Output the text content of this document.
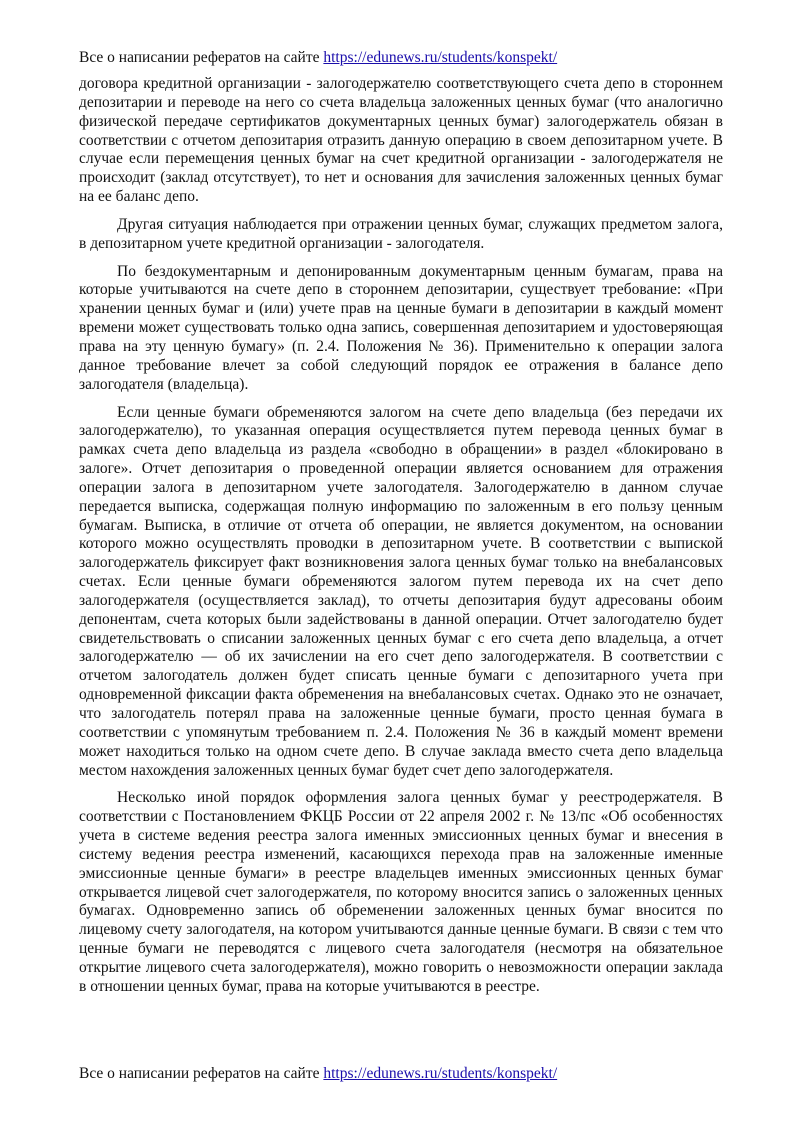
Все о написании рефератов на сайте https://edunews.ru/students/konspekt/

договора кредитной организации - залогодержателю соответствующего счета депо в стороннем депозитарии и переводе на него со счета владельца заложенных ценных бумаг (что аналогично физической передаче сертификатов документарных ценных бумаг) залогодержатель обязан в соответствии с отчетом депозитария отразить данную операцию в своем депозитарном учете. В случае если перемещения ценных бумаг на счет кредитной организации - залогодержателя не происходит (заклад отсутствует), то нет и основания для зачисления заложенных ценных бумаг на ее баланс депо.

Другая ситуация наблюдается при отражении ценных бумаг, служащих предметом залога, в депозитарном учете кредитной организации - залогодателя.

По бездокументарным и депонированным документарным ценным бумагам, права на которые учитываются на счете депо в стороннем депозитарии, существует требование: «При хранении ценных бумаг и (или) учете прав на ценные бумаги в депозитарии в каждый момент времени может существовать только одна запись, совершенная депозитарием и удостоверяющая права на эту ценную бумагу» (п. 2.4. Положения № 36). Применительно к операции залога данное требование влечет за собой следующий порядок ее отражения в балансе депо залогодателя (владельца).

Если ценные бумаги обременяются залогом на счете депо владельца (без передачи их залогодержателю), то указанная операция осуществляется путем перевода ценных бумаг в рамках счета депо владельца из раздела «свободно в обращении» в раздел «блокировано в залоге». Отчет депозитария о проведенной операции является основанием для отражения операции залога в депозитарном учете залогодателя. Залогодержателю в данном случае передается выписка, содержащая полную информацию по заложенным в его пользу ценным бумагам. Выписка, в отличие от отчета об операции, не является документом, на основании которого можно осуществлять проводки в депозитарном учете. В соответствии с выпиской залогодержатель фиксирует факт возникновения залога ценных бумаг только на внебалансовых счетах. Если ценные бумаги обременяются залогом путем перевода их на счет депо залогодержателя (осуществляется заклад), то отчеты депозитария будут адресованы обоим депонентам, счета которых были задействованы в данной операции. Отчет залогодателю будет свидетельствовать о списании заложенных ценных бумаг с его счета депо владельца, а отчет залогодержателю — об их зачислении на его счет депо залогодержателя. В соответствии с отчетом залогодатель должен будет списать ценные бумаги с депозитарного учета при одновременной фиксации факта обременения на внебалансовых счетах. Однако это не означает, что залогодатель потерял права на заложенные ценные бумаги, просто ценная бумага в соответствии с упомянутым требованием п. 2.4. Положения № 36 в каждый момент времени может находиться только на одном счете депо. В случае заклада вместо счета депо владельца местом нахождения заложенных ценных бумаг будет счет депо залогодержателя.

Несколько иной порядок оформления залога ценных бумаг у реестродержателя. В соответствии с Постановлением ФКЦБ России от 22 апреля 2002 г. № 13/пс «Об особенностях учета в системе ведения реестра залога именных эмиссионных ценных бумаг и внесения в систему ведения реестра изменений, касающихся перехода прав на заложенные именные эмиссионные ценные бумаги» в реестре владельцев именных эмиссионных ценных бумаг открывается лицевой счет залогодержателя, по которому вносится запись о заложенных ценных бумагах. Одновременно запись об обременении заложенных ценных бумаг вносится по лицевому счету залогодателя, на котором учитываются данные ценные бумаги. В связи с тем что ценные бумаги не переводятся с лицевого счета залогодателя (несмотря на обязательное открытие лицевого счета залогодержателя), можно говорить о невозможности операции заклада в отношении ценных бумаг, права на которые учитываются в реестре.

Все о написании рефератов на сайте https://edunews.ru/students/konspekt/
